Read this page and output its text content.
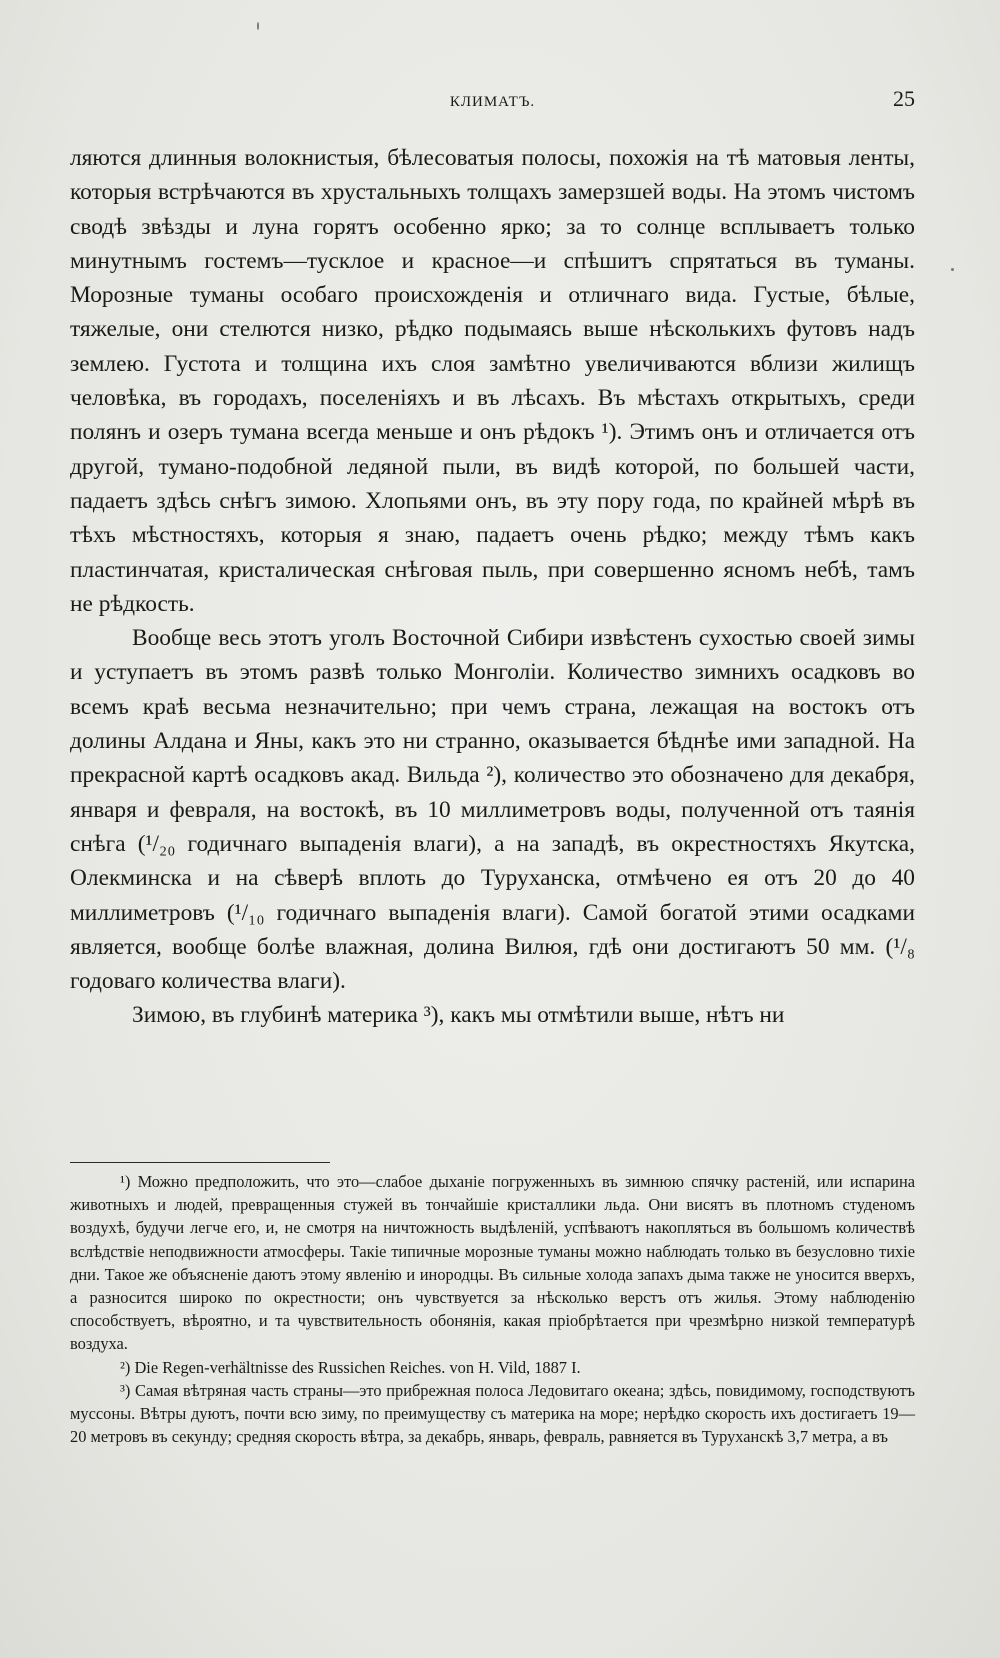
КЛИМАТЪ.	25

ляются длинныя волокнистыя, бѣлесоватыя полосы, похожія на тѣ матовыя ленты, которыя встрѣчаются въ хрустальныхъ толщахъ замерзшей воды. На этомъ чистомъ сводѣ звѣзды и луна горятъ особенно ярко; за то солнце всплываетъ только минутнымъ гостемъ—тусклое и красное—и спѣшитъ спрятаться въ туманы. Морозные туманы особаго происхожденія и отличнаго вида. Густые, бѣлые, тяжелые, они стелются низко, рѣдко подымаясь выше нѣсколькихъ футовъ надъ землею. Густота и толщина ихъ слоя замѣтно увеличиваются вблизи жилищъ человѣка, въ городахъ, поселеніяхъ и въ лѣсахъ. Въ мѣстахъ открытыхъ, среди полянъ и озеръ тумана всегда меньше и онъ рѣдокъ ¹). Этимъ онъ и отличается отъ другой, тумано-подобной ледяной пыли, въ видѣ которой, по большей части, падаетъ здѣсь снѣгъ зимою. Хлопьями онъ, въ эту пору года, по крайней мѣрѣ въ тѣхъ мѣстностяхъ, которыя я знаю, падаетъ очень рѣдко; между тѣмъ какъ пластинчатая, кристалическая снѣговая пыль, при совершенно ясномъ небѣ, тамъ не рѣдкость.

Вообще весь этотъ уголъ Восточной Сибири извѣстенъ сухостью своей зимы и уступаетъ въ этомъ развѣ только Монголіи. Количество зимнихъ осадковъ во всемъ краѣ весьма незначительно; при чемъ страна, лежащая на востокъ отъ долины Алдана и Яны, какъ это ни странно, оказывается бѣднѣе ими западной. На прекрасной картѣ осадковъ акад. Вильда ²), количество это обозначено для декабря, января и февраля, на востокѣ, въ 10 миллиметровъ воды, полученной отъ таянія снѣга (¹/₂₀ годичнаго выпаденія влаги), а на западѣ, въ окрестностяхъ Якутска, Олекминска и на сѣверѣ вплоть до Туруханска, отмѣчено ея отъ 20 до 40 миллиметровъ (¹/₁₀ годичнаго выпаденія влаги). Самой богатой этими осадками является, вообще болѣе влажная, долина Вилюя, гдѣ они достигаютъ 50 мм. (¹/₈ годоваго количества влаги).

Зимою, въ глубинѣ материка ³), какъ мы отмѣтили выше, нѣтъ ни

¹) Можно предположить, что это—слабое дыханіе погруженныхъ въ зимнюю спячку растеній, или испарина животныхъ и людей, превращенныя стужей въ тончайшіе кристаллики льда. Они висятъ въ плотномъ студеномъ воздухѣ, будучи легче его, и, не смотря на ничтожность выдѣленій, успѣваютъ накопляться въ большомъ количествѣ вслѣдствіе неподвижности атмосферы. Такіе типичные морозные туманы можно наблюдать только въ безусловно тихіе дни. Такое же объясненіе даютъ этому явленію и инородцы. Въ сильные холода запахъ дыма также не уносится вверхъ, а разносится широко по окрестности; онъ чувствуется за нѣсколько верстъ отъ жилья. Этому наблюденію способствуетъ, вѣроятно, и та чувствительность обонянія, какая пріобрѣтается при чрезмѣрно низкой температурѣ воздуха.

²) Die Regen-verhältnisse des Russichen Reiches. von H. Vild, 1887 I.

³) Самая вѣтряная часть страны—это прибрежная полоса Ледовитаго океана; здѣсь, повидимому, господствуютъ муссоны. Вѣтры дуютъ, почти всю зиму, по преимуществу съ материка на море; нерѣдко скорость ихъ достигаетъ 19—20 метровъ въ секунду; средняя скорость вѣтра, за декабрь, январь, февраль, равняется въ Туруханскѣ 3,7 метра, а въ
